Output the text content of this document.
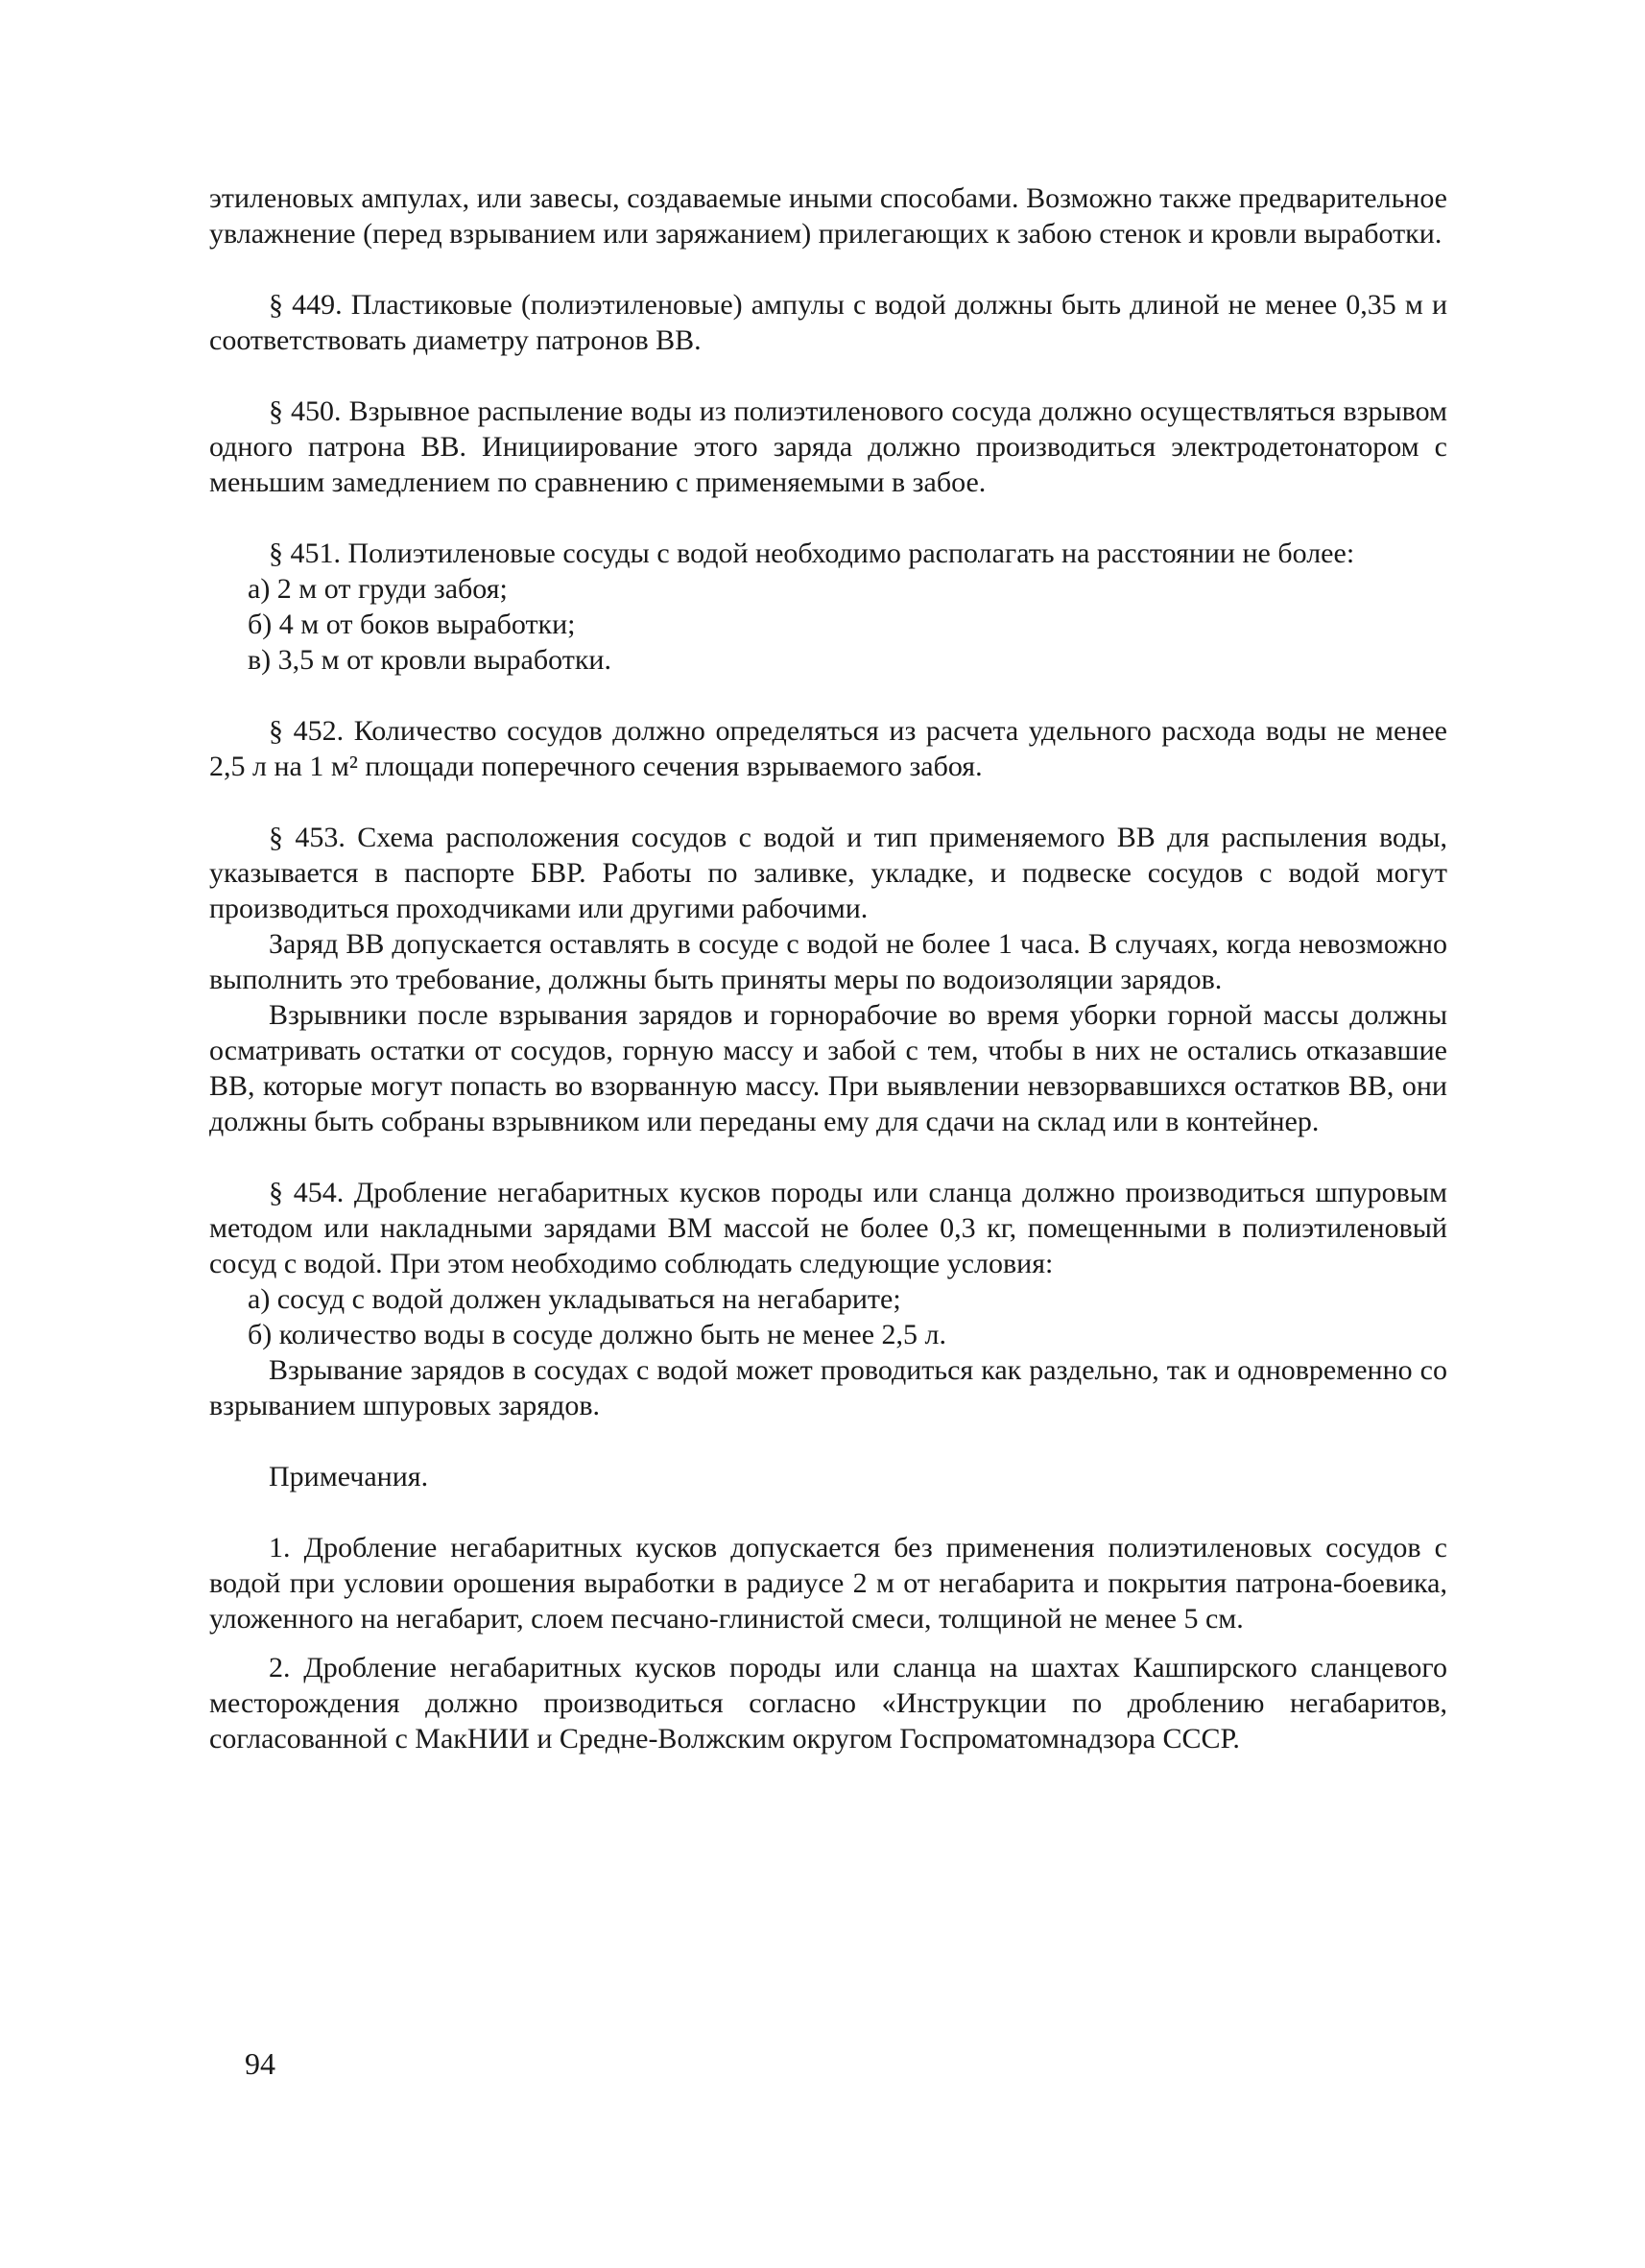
этиленовых ампулах, или завесы, создаваемые иными способами. Возможно также предварительное увлажнение (перед взрыванием или заряжанием) прилегающих к забою стенок и кровли выработки.

§ 449. Пластиковые (полиэтиленовые) ампулы с водой должны быть длиной не менее 0,35 м и соответствовать диаметру патронов ВВ.

§ 450. Взрывное распыление воды из полиэтиленового сосуда должно осуществляться взрывом одного патрона ВВ. Инициирование этого заряда должно производиться электродетонатором с меньшим замедлением по сравнению с применяемыми в забое.

§ 451. Полиэтиленовые сосуды с водой необходимо располагать на расстоянии не более:

а) 2 м от груди забоя;
б) 4 м от боков выработки;
в) 3,5 м от кровли выработки.

§ 452. Количество сосудов должно определяться из расчета удельного расхода воды не менее 2,5 л на 1 м² площади поперечного сечения взрываемого забоя.

§ 453. Схема расположения сосудов с водой и тип применяемого ВВ для распыления воды, указывается в паспорте БВР. Работы по заливке, укладке, и подвеске сосудов с водой могут производиться проходчиками или другими рабочими.

Заряд ВВ допускается оставлять в сосуде с водой не более 1 часа. В случаях, когда невозможно выполнить это требование, должны быть приняты меры по водоизоляции зарядов.

Взрывники после взрывания зарядов и горнорабочие во время уборки горной массы должны осматривать остатки от сосудов, горную массу и забой с тем, чтобы в них не остались отказавшие ВВ, которые могут попасть во взорванную массу. При выявлении невзорвавшихся остатков ВВ, они должны быть собраны взрывником или переданы ему для сдачи на склад или в контейнер.

§ 454. Дробление негабаритных кусков породы или сланца должно производиться шпуровым методом или накладными зарядами ВМ массой не более 0,3 кг, помещенными в полиэтиленовый сосуд с водой. При этом необходимо соблюдать следующие условия:

а) сосуд с водой должен укладываться на негабарите;
б) количество воды в сосуде должно быть не менее 2,5 л.

Взрывание зарядов в сосудах с водой может проводиться как раздельно, так и одновременно со взрыванием шпуровых зарядов.

Примечания.

1. Дробление негабаритных кусков допускается без применения полиэтиленовых сосудов с водой при условии орошения выработки в радиусе 2 м от негабарита и покрытия патрона-боевика, уложенного на негабарит, слоем песчано-глинистой смеси, толщиной не менее 5 см.

2. Дробление негабаритных кусков породы или сланца на шахтах Кашпирского сланцевого месторождения должно производиться согласно «Инструкции по дроблению негабаритов, согласованной с МакНИИ и Средне-Волжским округом Госпроматомнадзора СССР.

94
